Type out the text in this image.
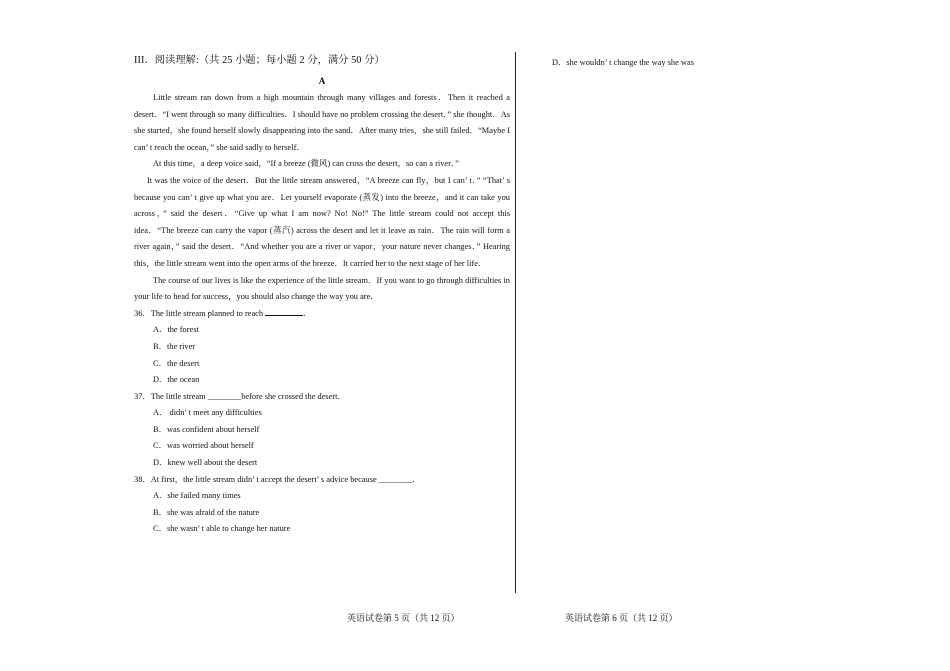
III．阅读理解:（共 25 小题；每小题 2 分，满分 50 分）
A

Little stream ran down from a high mountain through many villages and forests．Then it reached a desert．“I went through so many difficulties．I should have no problem crossing the desert．” she thought．As she started，she found herself slowly disappearing into the sand．After many tries，she still failed．“Maybe I can’ t reach the ocean，” she said sadly to herself．

At this time，a deep voice said，“If a breeze (微风) can cross the desert，so can a river．”

It was the voice of the desert．But the little stream answered，“A breeze can fly，but I can’ t．” “That’ s because you can’ t give up what you are．Let yourself evaporate (蒸发) into the breeze，and it can take you across，” said the desert．“Give up what I am now? No! No!” The little stream could not accept this idea．“The breeze can carry the vapor (蒸汽) across the desert and let it leave as rain．The rain will form a river again，” said the desert．“And whether you are a river or vapor，your nature never changes．” Hearing this，the little stream went into the open arms of the breeze．It carried her to the next stage of her life．

The course of our lives is like the experience of the little stream．If you want to go through difficulties in your life to head for success，you should also change the way you are．

36．The little stream planned to reach	．
A．the forest
B．the river
C．the desert
D．the ocean
37．The little stream ________before she crossed the desert．
A． didn’ t meet any difficulties
B．was confident about herself
C．was worried about herself
D．knew well about the desert
38．At first，the little stream didn’ t accept the desert’ s advice because ________．
A．she failed many times
B．she was afraid of the nature
C．she wasn’ t able to change her nature
D．she wouldn’ t change the way she was
英语试卷第 5 页（共 12 页）	英语试卷第 6 页（共 12 页）
